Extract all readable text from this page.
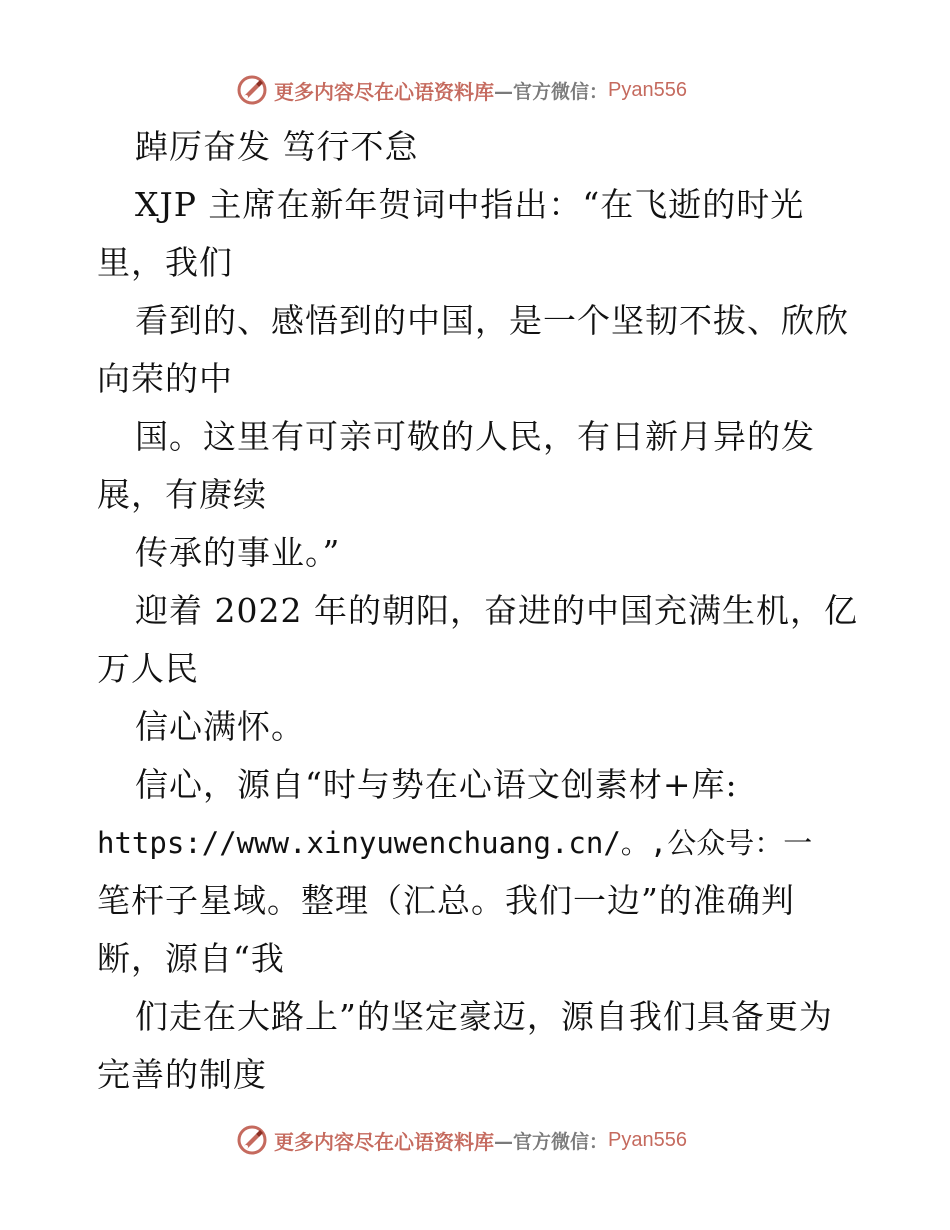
更多内容尽在心语资料库 —官方微信： Pyan556
踔厉奋发 笃行不怠
XJP 主席在新年贺词中指出：“在飞逝的时光
里，我们
看到的、感悟到的中国，是一个坚韧不拔、欣欣
向荣的中
国。这里有可亲可敬的人民，有日新月异的发
展，有赓续
传承的事业。”
迎着 2022 年的朝阳，奋进的中国充满生机，亿
万人民
信心满怀。
信心，源自“时与势在心语文创素材+库:
https://www.xinyuwenchuang.cn/。,公众号：一
笔杆子星域。整理（汇总。我们一边”的准确判
断，源自“我
们走在大路上”的坚定豪迈，源自我们具备更为
完善的制度
更多内容尽在心语资料库 —官方微信： Pyan556
